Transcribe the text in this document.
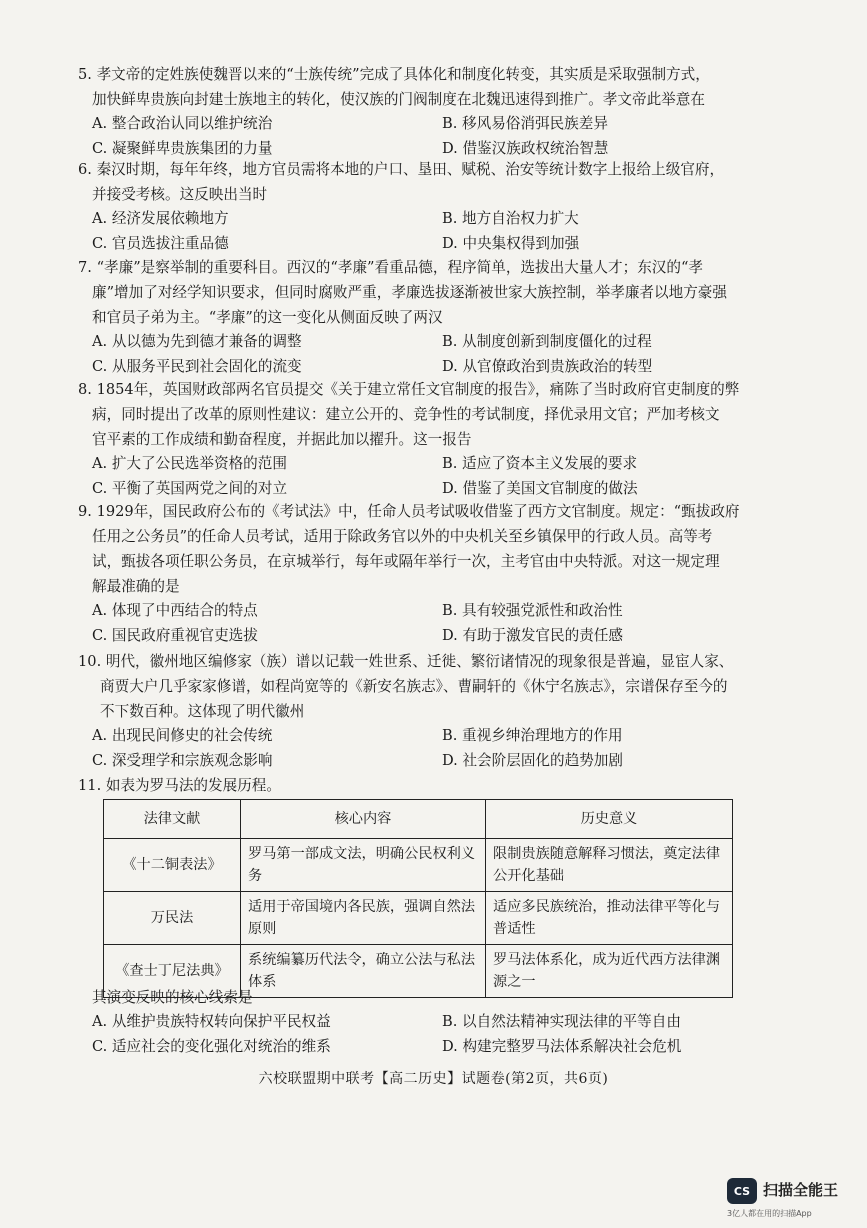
5. 孝文帝的定姓族使魏晋以来的“士族传统”完成了具体化和制度化转变，其实质是采取强制方式，
加快鲜卑贵族向封建士族地主的转化，使汉族的门阀制度在北魏迅速得到推广。孝文帝此举意在
A. 整合政治认同以维护统治	B. 移风易俗消弭民族差异
C. 凝聚鲜卑贵族集团的力量	D. 借鉴汉族政权统治智慧
6. 秦汉时期，每年年终，地方官员需将本地的户口、垦田、赋税、治安等统计数字上报给上级官府，
并接受考核。这反映出当时
A. 经济发展依赖地方	B. 地方自治权力扩大
C. 官员选拔注重品德	D. 中央集权得到加强
7. “孝廉”是察举制的重要科目。西汉的“孝廉”看重品德，程序简单，选拔出大量人才；东汉的“孝
廉”增加了对经学知识要求，但同时腐败严重，孝廉选拔逐渐被世家大族控制，举孝廉者以地方豪强
和官员子弟为主。“孝廉”的这一变化从侧面反映了两汉
A. 从以德为先到德才兼备的调整	B. 从制度创新到制度僵化的过程
C. 从服务平民到社会固化的流变	D. 从官僚政治到贵族政治的转型
8. 1854年，英国财政部两名官员提交《关于建立常任文官制度的报告》，痛陈了当时政府官吏制度的弊
病，同时提出了改革的原则性建议：建立公开的、竞争性的考试制度，择优录用文官；严加考核文
官平素的工作成绩和勤奋程度，并据此加以擢升。这一报告
A. 扩大了公民选举资格的范围	B. 适应了资本主义发展的要求
C. 平衡了英国两党之间的对立	D. 借鉴了美国文官制度的做法
9. 1929年，国民政府公布的《考试法》中，任命人员考试吸收借鉴了西方文官制度。规定：“甄拔政府
任用之公务员”的任命人员考试，适用于除政务官以外的中央机关至乡镇保甲的行政人员。高等考
试，甄拔各项任职公务员，在京城举行，每年或隔年举行一次，主考官由中央特派。对这一规定理
解最准确的是
A. 体现了中西结合的特点	B. 具有较强党派性和政治性
C. 国民政府重视官吏选拔	D. 有助于激发官民的责任感
10. 明代，徽州地区编修家（族）谱以记载一姓世系、迁徙、繁衍诸情况的现象很是普遍，显宦人家、
商贾大户几乎家家修谱，如程尚宽等的《新安名族志》、曹嗣轩的《休宁名族志》，宗谱保存至今的
不下数百种。这体现了明代徽州
A. 出现民间修史的社会传统	B. 重视乡绅治理地方的作用
C. 深受理学和宗族观念影响	D. 社会阶层固化的趋势加剧
11. 如表为罗马法的发展历程。
法律文献	核心内容	历史意义
《十二铜表法》	罗马第一部成文法，明确公民权利义务	限制贵族随意解释习惯法，奠定法律公开化基础
万民法	适用于帝国境内各民族，强调自然法原则	适应多民族统治，推动法律平等化与普适性
《查士丁尼法典》	系统编纂历代法令，确立公法与私法体系	罗马法体系化，成为近代西方法律渊源之一
其演变反映的核心线索是
A. 从维护贵族特权转向保护平民权益	B. 以自然法精神实现法律的平等自由
C. 适应社会的变化强化对统治的维系	D. 构建完整罗马法体系解决社会危机
六校联盟期中联考【高二历史】试题卷(第2页，共6页)
CS 扫描全能王
3亿人都在用的扫描App
